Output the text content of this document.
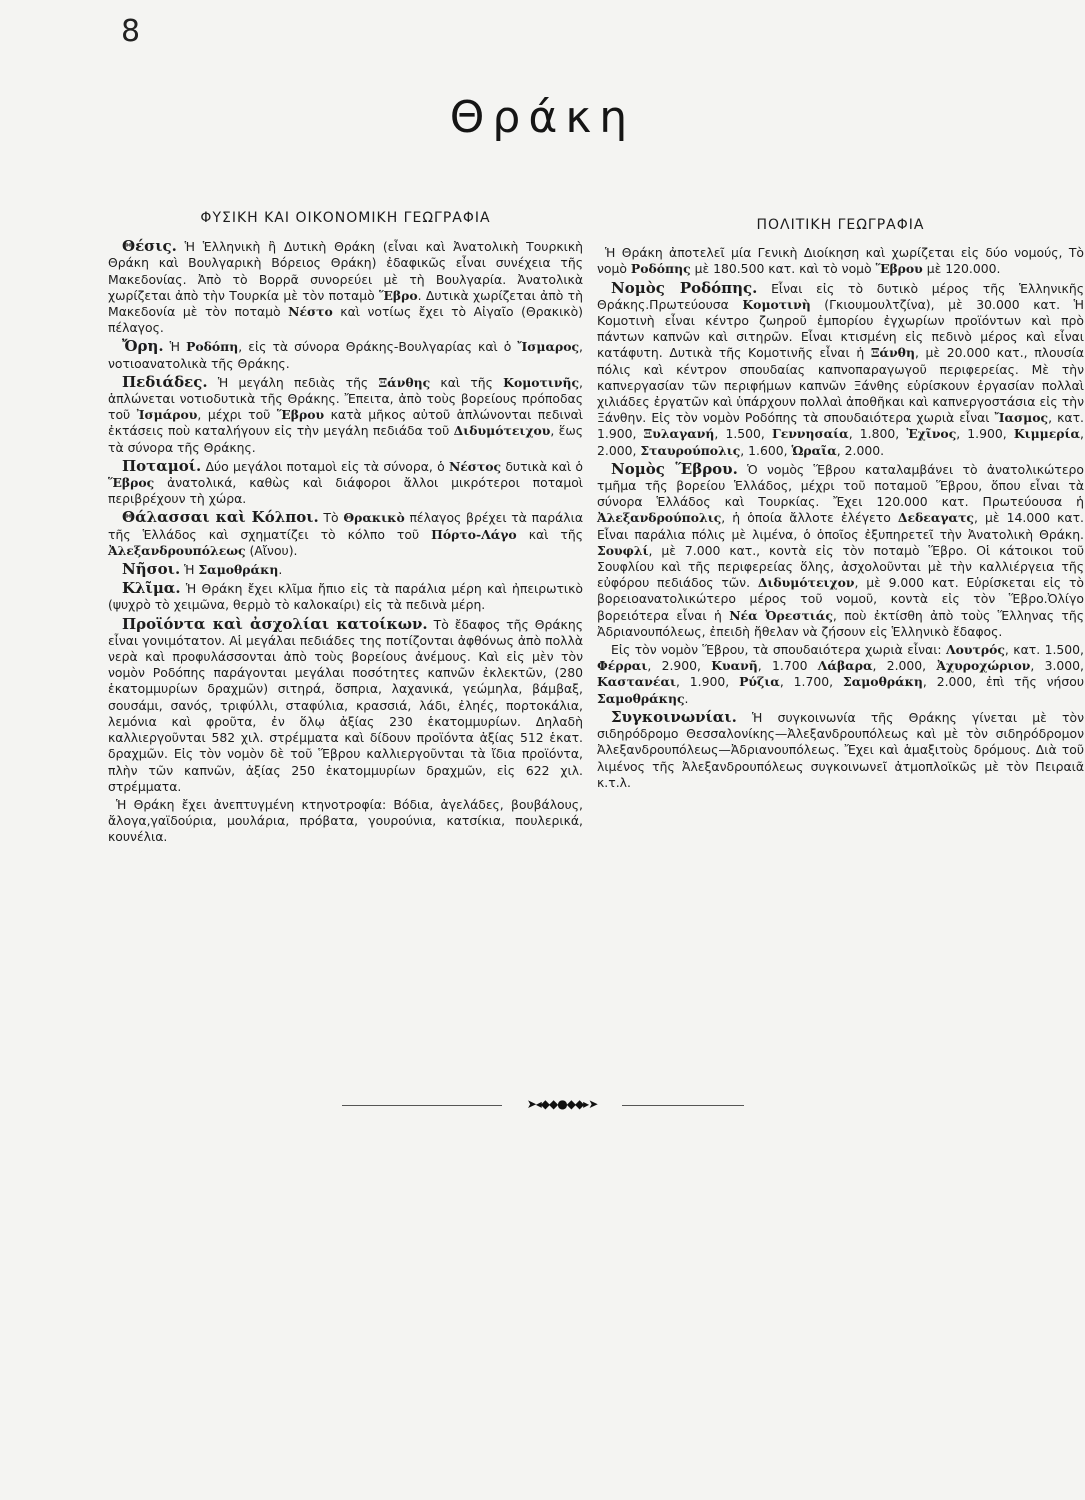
8
Θράκη
ΦΥΣΙΚΗ ΚΑΙ ΟΙΚΟΝΟΜΙΚΗ ΓΕΩΓΡΑΦΙΑ

Θέσις. Ἡ Ἑλληνικὴ ἢ Δυτικὴ Θράκη (εἶναι καὶ Ἀνατολικὴ Τουρκικὴ Θράκη καὶ Βουλγαρικὴ Βόρειος Θράκη) ἐδαφικῶς εἶναι συνέχεια τῆς Μακεδονίας. Ἀπὸ τὸ Βορρᾶ συνορεύει μὲ τὴ Βουλγαρία. Ἀνατολικὰ χωρίζεται ἀπὸ τὴν Τουρκία μὲ τὸν ποταμὸ Ἕβρο. Δυτικὰ χωρίζεται ἀπὸ τὴ Μακεδονία μὲ τὸν ποταμὸ Νέστο καὶ νοτίως ἔχει τὸ Αἰγαῖο (Θρακικὸ) πέλαγος.

Ὄρη. Ἡ Ροδόπη, εἰς τὰ σύνορα Θράκης-Βουλγαρίας καὶ ὁ Ἴσμαρος, νοτιοανατολικὰ τῆς Θράκης.

Πεδιάδες. Ἡ μεγάλη πεδιὰς τῆς Ξάνθης καὶ τῆς Κομοτινῆς, ἁπλώνεται νοτιοδυτικὰ τῆς Θράκης. Ἔπειτα, ἀπὸ τοὺς βορείους πρόποδας τοῦ Ἰσμάρου, μέχρι τοῦ Ἕβρου κατὰ μῆκος αὐτοῦ ἁπλώνονται πεδιναὶ ἐκτάσεις ποὺ καταλήγουν εἰς τὴν μεγάλη πεδιάδα τοῦ Διδυμότειχου, ἕως τὰ σύνορα τῆς Θράκης.

Ποταμοί. Δύο μεγάλοι ποταμοὶ εἰς τὰ σύνορα, ὁ Νέστος δυτικὰ καὶ ὁ Ἕβρος ἀνατολικά, καθὼς καὶ διάφοροι ἄλλοι μικρότεροι ποταμοὶ περιβρέχουν τὴ χώρα.

Θάλασσαι καὶ Κόλποι. Τὸ Θρακικὸ πέλαγος βρέχει τὰ παράλια τῆς Ἑλλάδος καὶ σχηματίζει τὸ κόλπο τοῦ Πόρτο-Λάγο καὶ τῆς Ἀλεξανδρουπόλεως (Αἴνου).

Νῆσοι. Ἡ Σαμοθράκη.

Κλῖμα. Ἡ Θράκη ἔχει κλῖμα ἤπιο εἰς τὰ παράλια μέρη καὶ ἠπειρωτικὸ (ψυχρὸ τὸ χειμῶνα, θερμὸ τὸ καλοκαίρι) εἰς τὰ πεδινὰ μέρη.

Προϊόντα καὶ ἀσχολίαι κατοίκων. Τὸ ἔδαφος τῆς Θράκης εἶναι γονιμότατον. Αἱ μεγάλαι πεδιάδες της ποτίζονται ἀφθόνως ἀπὸ πολλὰ νερὰ καὶ προφυλάσσονται ἀπὸ τοὺς βορείους ἀνέμους. Καὶ εἰς μὲν τὸν νομὸν Ροδόπης παράγονται μεγάλαι ποσότητες καπνῶν ἐκλεκτῶν, (280 ἑκατομμυρίων δραχμῶν) σιτηρά, ὄσπρια, λαχανικά, γεώμηλα, βάμβαξ, σουσάμι, σανός, τριφύλλι, σταφύλια, κρασσιά, λάδι, ἐληές, πορτοκάλια, λεμόνια καὶ φροῦτα, ἐν ὅλῳ ἀξίας 230 ἑκατομμυρίων. Δηλαδὴ καλλιεργοῦνται 582 χιλ. στρέμματα καὶ δίδουν προϊόντα ἀξίας 512 ἑκατ. δραχμῶν. Εἰς τὸν νομὸν δὲ τοῦ Ἕβρου καλλιεργοῦνται τὰ ἴδια προϊόντα, πλὴν τῶν καπνῶν, ἀξίας 250 ἑκατομμυρίων δραχμῶν, εἰς 622 χιλ. στρέμματα.

Ἡ Θράκη ἔχει ἀνεπτυγμένη κτηνοτροφία: Βόδια, ἀγελάδες, βουβάλους, ἄλογα,γαϊδούρια, μουλάρια, πρόβατα, γουρούνια, κατσίκια, πουλερικά, κουνέλια.

ΠΟΛΙΤΙΚΗ ΓΕΩΓΡΑΦΙΑ

Ἡ Θράκη ἀποτελεῖ μία Γενικὴ Διοίκηση καὶ χωρίζεται εἰς δύο νομούς, Τὸ νομὸ Ροδόπης μὲ 180.500 κατ. καὶ τὸ νομὸ Ἕβρου μὲ 120.000.

Νομὸς Ροδόπης. Εἶναι εἰς τὸ δυτικὸ μέρος τῆς Ἑλληνικῆς Θράκης.Πρωτεύουσα Κομοτινὴ (Γκιουμουλτζίνα), μὲ 30.000 κατ. Ἡ Κομοτινὴ εἶναι κέντρο ζωηροῦ ἐμπορίου ἐγχωρίων προϊόντων καὶ πρὸ πάντων καπνῶν καὶ σιτηρῶν. Εἶναι κτισμένη εἰς πεδινὸ μέρος καὶ εἶναι κατάφυτη. Δυτικὰ τῆς Κομοτινῆς εἶναι ἡ Ξάνθη, μὲ 20.000 κατ., πλουσία πόλις καὶ κέντρον σπουδαίας καπνοπαραγωγοῦ περιφερείας. Μὲ τὴν καπνεργασίαν τῶν περιφήμων καπνῶν Ξάνθης εὑρίσκουν ἐργασίαν πολλαὶ χιλιάδες ἐργατῶν καὶ ὑπάρχουν πολλαὶ ἀποθῆκαι καὶ καπνεργοστάσια εἰς τὴν Ξάνθην. Εἰς τὸν νομὸν Ροδόπης τὰ σπουδαιότερα χωριὰ εἶναι Ἴασμος, κατ. 1.900, Ξυλαγανή, 1.500, Γεννησαία, 1.800, Ἐχῖνος, 1.900, Κιμμερία, 2.000, Σταυρούπολις, 1.600, Ὡραῖα, 2.000.

Νομὸς Ἕβρου. Ὁ νομὸς Ἕβρου καταλαμβάνει τὸ ἀνατολικώτερο τμῆμα τῆς βορείου Ἑλλάδος, μέχρι τοῦ ποταμοῦ Ἕβρου, ὅπου εἶναι τὰ σύνορα Ἑλλάδος καὶ Τουρκίας. Ἔχει 120.000 κατ. Πρωτεύουσα ἡ Ἀλεξανδρούπολις, ἡ ὁποία ἄλλοτε ἐλέγετο Δεδεαγατς, μὲ 14.000 κατ. Εἶναι παράλια πόλις μὲ λιμένα, ὁ ὁποῖος ἐξυπηρετεῖ τὴν Ἀνατολικὴ Θράκη. Σουφλί, μὲ 7.000 κατ., κοντὰ εἰς τὸν ποταμὸ Ἕβρο. Οἱ κάτοικοι τοῦ Σουφλίου καὶ τῆς περιφερείας ὅλης, ἀσχολοῦνται μὲ τὴν καλλιέργεια τῆς εὐφόρου πεδιάδος τῶν. Διδυμότειχον, μὲ 9.000 κατ. Εὑρίσκεται εἰς τὸ βορειοανατολικώτερο μέρος τοῦ νομοῦ, κοντὰ εἰς τὸν Ἕβρο.Ὀλίγο βορειότερα εἶναι ἡ Νέα Ὀρεστιάς, ποὺ ἐκτίσθη ἀπὸ τοὺς Ἕλληνας τῆς Ἀδριανουπόλεως, ἐπειδὴ ἤθελαν νὰ ζήσουν εἰς Ἑλληνικὸ ἔδαφος.

Εἰς τὸν νομὸν Ἕβρου, τὰ σπουδαιότερα χωριὰ εἶναι: Λουτρός, κατ. 1.500, Φέρραι, 2.900, Κυανῆ, 1.700 Λάβαρα, 2.000, Ἀχυροχώριον, 3.000, Καστανέαι, 1.900, Ρύζια, 1.700, Σαμοθράκη, 2.000, ἐπὶ τῆς νήσου Σαμοθράκης.

Συγκοινωνίαι. Ἡ συγκοινωνία τῆς Θράκης γίνεται μὲ τὸν σιδηρόδρομο Θεσσαλονίκης—Ἀλεξανδρουπόλεως καὶ μὲ τὸν σιδηρόδρομον Ἀλεξανδρουπόλεως—Ἀδριανουπόλεως. Ἔχει καὶ ἁμαξιτοὺς δρόμους. Διὰ τοῦ λιμένος τῆς Ἀλεξανδρουπόλεως συγκοινωνεῖ ἀτμοπλοϊκῶς μὲ τὸν Πειραιᾶ κ.τ.λ.

➤◂◆◆●◆◆▸➤
